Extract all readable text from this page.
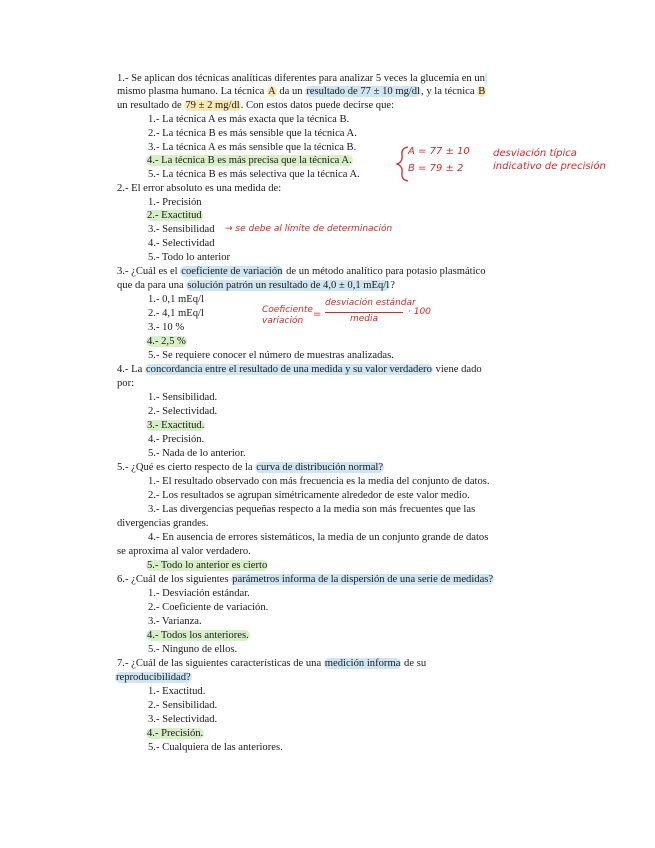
1.- Se aplican dos técnicas analíticas diferentes para analizar 5 veces la glucemia en un
mismo plasma humano. La técnica A da un resultado de 77 ± 10 mg/dl, y la técnica B
un resultado de 79 ± 2 mg/dl. Con estos datos puede decirse que:
1.- La técnica A es más exacta que la técnica B.
2.- La técnica B es más sensible que la técnica A.
3.- La técnica A es más sensible que la técnica B.
4.- La técnica B es más precisa que la técnica A.
5.- La técnica B es más selectiva que la técnica A.
A = 77 ± 10
B = 79 ± 2
desviación típica
indicativo de precisión
2.- El error absoluto es una medida de:
1.- Precisión
2.- Exactitud
3.- Sensibilidad → se debe al límite de determinación
4.- Selectividad
5.- Todo lo anterior
3.- ¿Cuál es el coeficiente de variación de un método analítico para potasio plasmático
que da para una solución patrón un resultado de 4,0 ± 0,1 mEq/l?
1.- 0,1 mEq/l
2.- 4,1 mEq/l
3.- 10 %
4.- 2,5 %
5.- Se requiere conocer el número de muestras analizadas.
Coeficiente
variación
=
desviación estándar
media
· 100
4.- La concordancia entre el resultado de una medida y su valor verdadero viene dado
por:
1.- Sensibilidad.
2.- Selectividad.
3.- Exactitud.
4.- Precisión.
5.- Nada de lo anterior.
5.- ¿Qué es cierto respecto de la curva de distribución normal?
1.- El resultado observado con más frecuencia es la media del conjunto de datos.
2.- Los resultados se agrupan simétricamente alrededor de este valor medio.
3.- Las divergencias pequeñas respecto a la media son más frecuentes que las
divergencias grandes.
4.- En ausencia de errores sistemáticos, la media de un conjunto grande de datos
se aproxima al valor verdadero.
5.- Todo lo anterior es cierto
6.- ¿Cuál de los siguientes parámetros informa de la dispersión de una serie de medidas?
1.- Desviación estándar.
2.- Coeficiente de variación.
3.- Varianza.
4.- Todos los anteriores.
5.- Ninguno de ellos.
7.- ¿Cuál de las siguientes características de una medición informa de su
reproducibilidad?
1.- Exactitud.
2.- Sensibilidad.
3.- Selectividad.
4.- Precisión.
5.- Cualquiera de las anteriores.
